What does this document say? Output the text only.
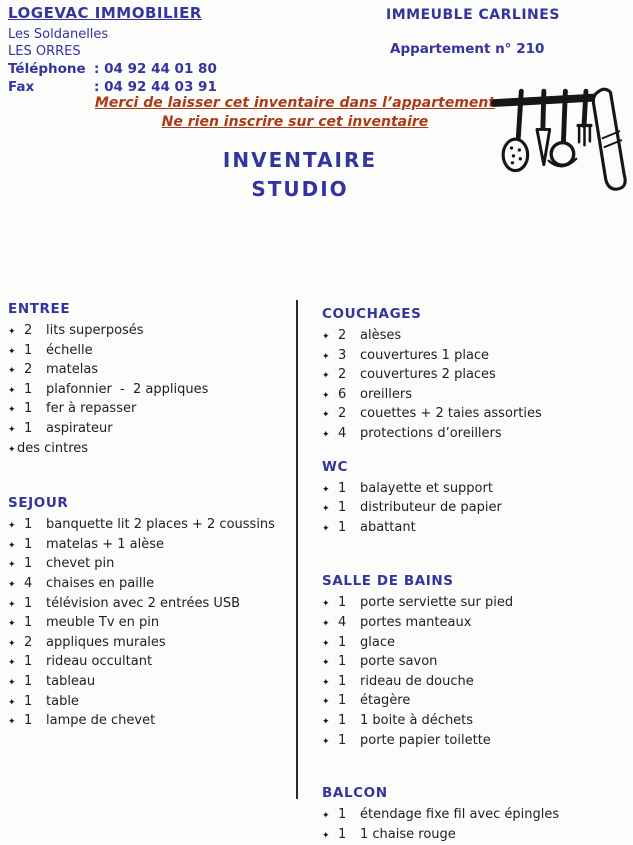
LOGEVAC IMMOBILIER
Les Soldanelles
LES ORRES
Téléphone : 04 92 44 01 80
Fax	: 04 92 44 03 91
IMMEUBLE CARLINES
Appartement n° 210
Merci de laisser cet inventaire dans l’appartement
Ne rien inscrire sur cet inventaire
INVENTAIRE
STUDIO
ENTREE
✦ 2	lits superposés
✦ 1	échelle
✦ 2	matelas
✦ 1	plafonnier  -  2 appliques
✦ 1	fer à repasser
✦ 1	aspirateur
✦ des cintres
SEJOUR
✦ 1	banquette lit 2 places + 2 coussins
✦ 1	matelas + 1 alèse
✦ 1	chevet pin
✦ 4	chaises en paille
✦ 1	télévision avec 2 entrées USB
✦ 1	meuble Tv en pin
✦ 2	appliques murales
✦ 1	rideau occultant
✦ 1	tableau
✦ 1	table
✦ 1	lampe de chevet
COUCHAGES
✦ 2	alèses
✦ 3	couvertures 1 place
✦ 2	couvertures 2 places
✦ 6	oreillers
✦ 2	couettes + 2 taies assorties
✦ 4	protections d’oreillers
WC
✦ 1	balayette et support
✦ 1	distributeur de papier
✦ 1	abattant
SALLE DE BAINS
✦ 1	porte serviette sur pied
✦ 4	portes manteaux
✦ 1	glace
✦ 1	porte savon
✦ 1	rideau de douche
✦ 1	étagère
✦ 1	1 boite à déchets
✦ 1	porte papier toilette
BALCON
✦ 1	étendage fixe fil avec épingles
✦ 1	1 chaise rouge
